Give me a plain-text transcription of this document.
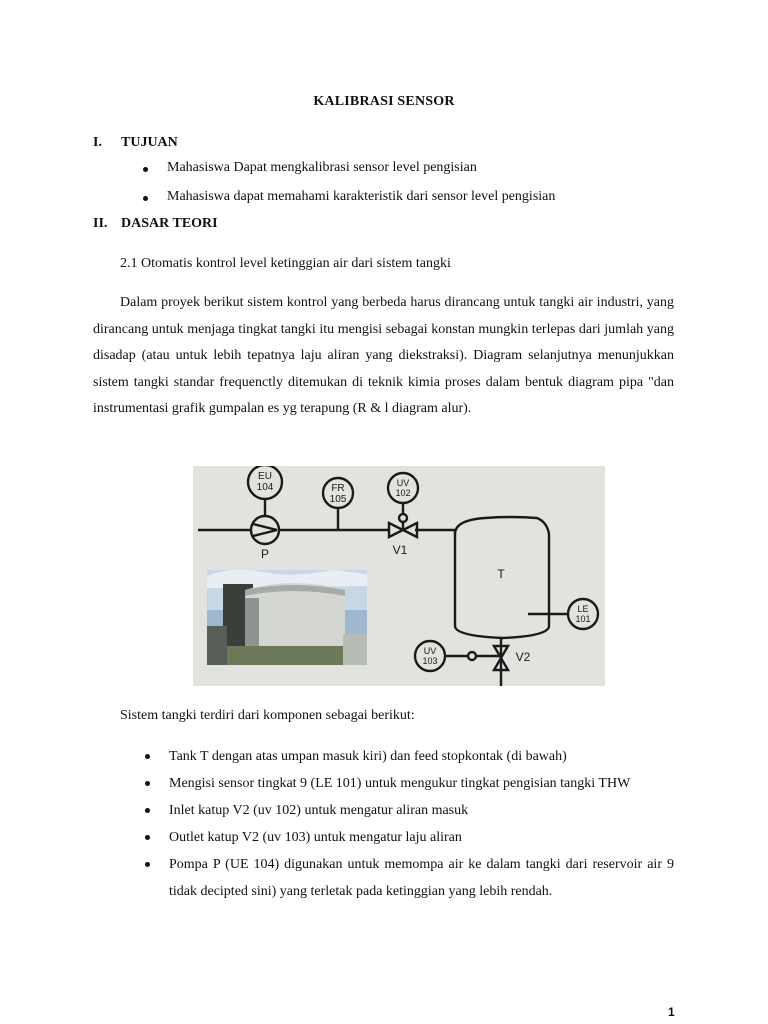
KALIBRASI SENSOR
I. TUJUAN
Mahasiswa Dapat mengkalibrasi sensor level pengisian
Mahasiswa dapat memahami karakteristik dari sensor level pengisian
II. DASAR TEORI
2.1 Otomatis kontrol level ketinggian air dari sistem tangki
Dalam proyek berikut sistem kontrol yang berbeda harus dirancang untuk tangki air industri, yang dirancang untuk menjaga tingkat tangki itu mengisi sebagai konstan mungkin terlepas dari jumlah yang disadap (atau untuk lebih tepatnya laju aliran yang diekstraksi). Diagram selanjutnya menunjukkan sistem tangki standar frequenctly ditemukan di teknik kimia proses dalam bentuk diagram pipa "dan instrumentasi grafik gumpalan es yg terapung (R & l diagram alur).
EU
104	FR
105
UV
102
P	V1
T
LE
101
UV
103	V2
Sistem tangki terdiri dari komponen sebagai berikut:
Tank T dengan atas umpan masuk kiri) dan feed stopkontak (di bawah)
Mengisi sensor tingkat 9 (LE 101) untuk mengukur tingkat pengisian tangki THW
Inlet katup V2 (uv 102) untuk mengatur aliran masuk
Outlet katup V2 (uv 103) untuk mengatur laju aliran
Pompa P (UE 104) digunakan untuk memompa air ke dalam tangki dari reservoir air 9 tidak decipted sini) yang terletak pada ketinggian yang lebih rendah.
1
